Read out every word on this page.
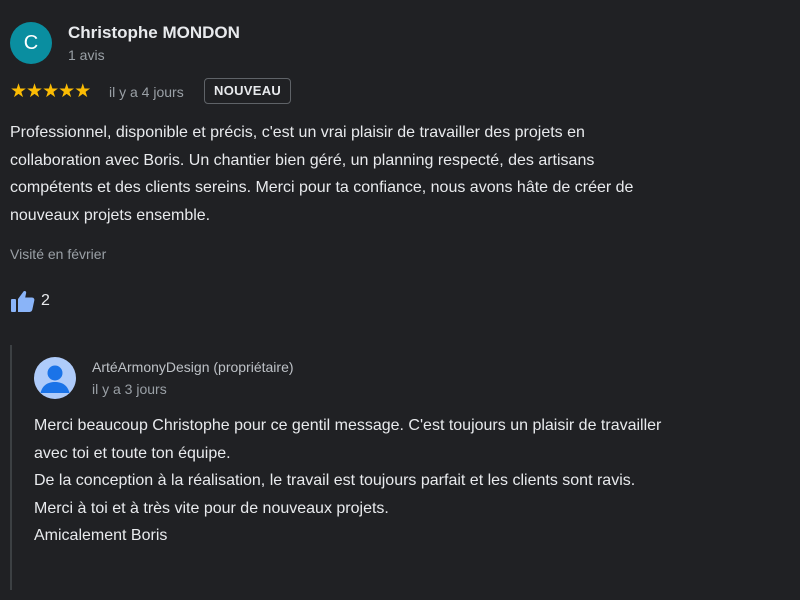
C	Christophe MONDON
1 avis
★★★★★ il y a 4 jours	NOUVEAU
Professionnel, disponible et précis, c'est un vrai plaisir de travailler des projets en collaboration avec Boris. Un chantier bien géré, un planning respecté, des artisans compétents et des clients sereins. Merci pour ta confiance, nous avons hâte de créer de nouveaux projets ensemble.
Visité en février
2
ArtéArmonyDesign (propriétaire)
il y a 3 jours
Merci beaucoup Christophe pour ce gentil message. C'est toujours un plaisir de travailler avec toi et toute ton équipe.
De la conception à la réalisation, le travail est toujours parfait et les clients sont ravis.
Merci à toi et à très vite pour de nouveaux projets.
Amicalement Boris
